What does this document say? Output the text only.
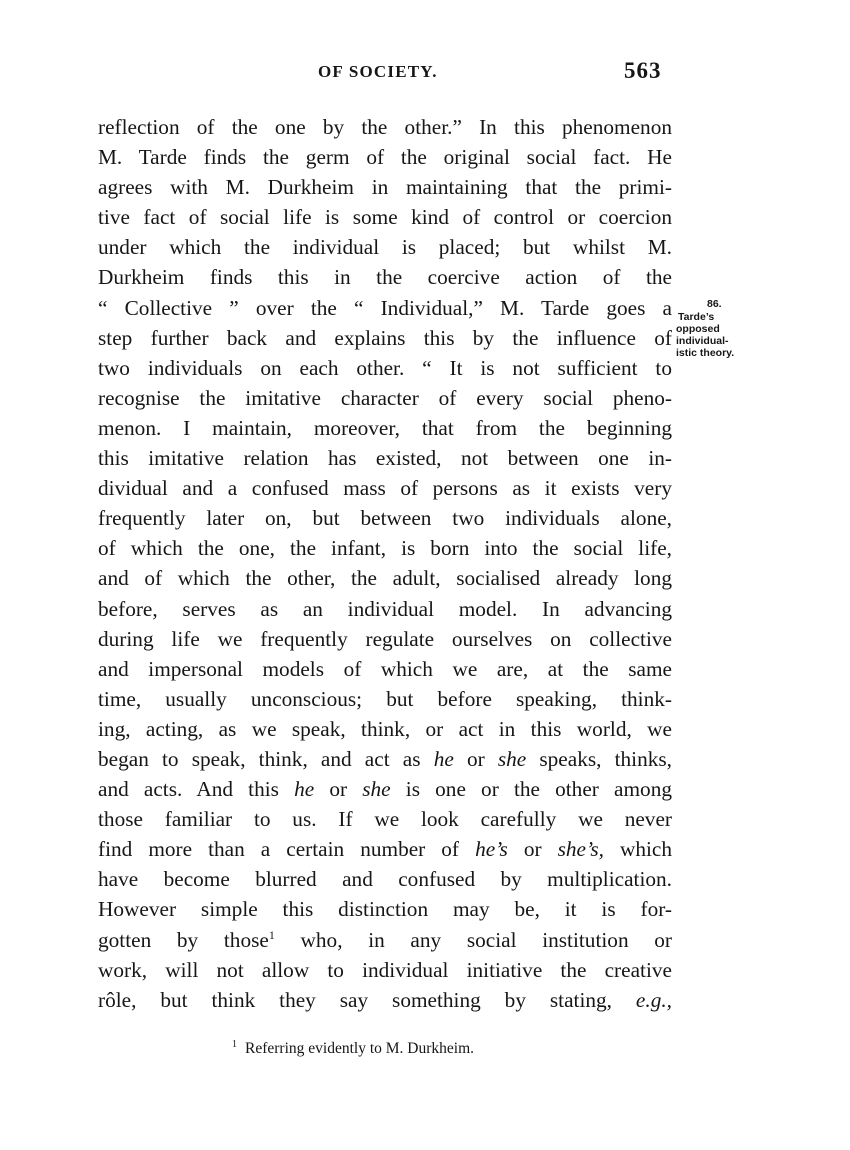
OF SOCIETY.	563
reflection of the one by the other.” In this phenomenon
M. Tarde finds the germ of the original social fact. He
agrees with M. Durkheim in maintaining that the primi-
tive fact of social life is some kind of control or coercion
under which the individual is placed; but whilst M.
Durkheim finds this in the coercive action of the
“ Collective ” over the “ Individual,” M. Tarde goes a
step further back and explains this by the influence of
two individuals on each other. “ It is not sufficient to
recognise the imitative character of every social pheno-
menon. I maintain, moreover, that from the beginning
this imitative relation has existed, not between one in-
dividual and a confused mass of persons as it exists very
frequently later on, but between two individuals alone,
of which the one, the infant, is born into the social life,
and of which the other, the adult, socialised already long
before, serves as an individual model. In advancing
during life we frequently regulate ourselves on collective
and impersonal models of which we are, at the same
time, usually unconscious; but before speaking, think-
ing, acting, as we speak, think, or act in this world, we
began to speak, think, and act as he or she speaks, thinks,
and acts. And this he or she is one or the other among
those familiar to us. If we look carefully we never
find more than a certain number of he’s or she’s, which
have become blurred and confused by multiplication.
However simple this distinction may be, it is for-
gotten by those$^1$ who, in any social institution or
work, will not allow to individual initiative the creative
rôle, but think they say something by stating, e.g.,
86.
Tarde’s
opposed
individual-
istic theory.
$^1$ Referring evidently to M. Durkheim.
